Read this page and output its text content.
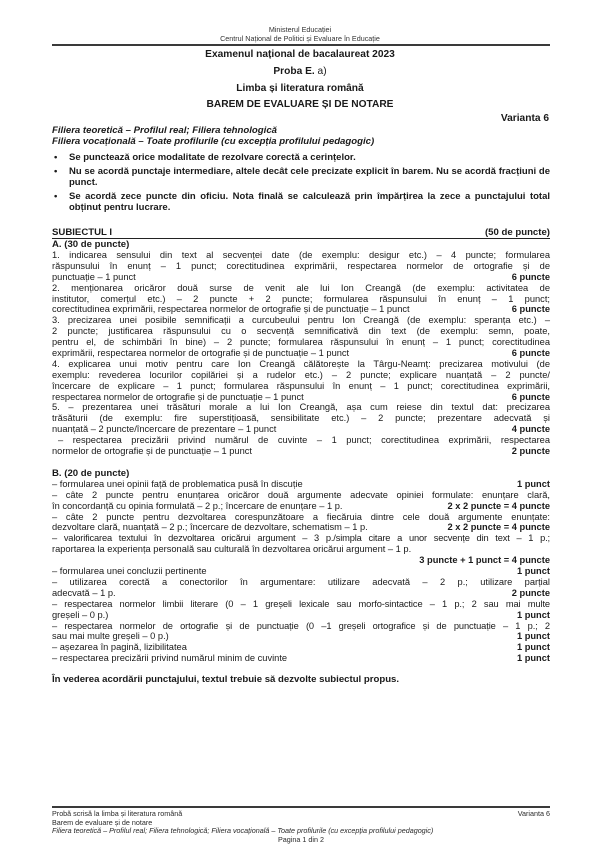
Ministerul Educației
Centrul Național de Politici și Evaluare în Educație
Examenul național de bacalaureat 2023
Proba E. a)
Limba și literatura română
BAREM DE EVALUARE ȘI DE NOTARE
Varianta 6
Filiera teoretică – Profilul real; Filiera tehnologică
Filiera vocațională – Toate profilurile (cu excepția profilului pedagogic)
• Se punctează orice modalitate de rezolvare corectă a cerințelor.
• Nu se acordă punctaje intermediare, altele decât cele precizate explicit în barem. Nu se acordă fracțiuni de punct.
• Se acordă zece puncte din oficiu. Nota finală se calculează prin împărțirea la zece a punctajului total obținut pentru lucrare.
SUBIECTUL I	(50 de puncte)
A. (30 de puncte)
1. indicarea sensului din text al secvenței date (de exemplu: desigur etc.) – 4 puncte; formularea
răspunsului în enunț – 1 punct; corectitudinea exprimării, respectarea normelor de ortografie și de
punctuație – 1 punct	6 puncte
2. menționarea oricăror două surse de venit ale lui Ion Creangă (de exemplu: activitatea de
institutor, comerțul etc.) – 2 puncte + 2 puncte; formularea răspunsului în enunț – 1 punct;
corectitudinea exprimării, respectarea normelor de ortografie și de punctuație – 1 punct	6 puncte
3. precizarea unei posibile semnificații a curcubeului pentru Ion Creangă (de exemplu: speranța etc.) –
2 puncte; justificarea răspunsului cu o secvență semnificativă din text (de exemplu: semn, poate,
pentru el, de schimbări în bine) – 2 puncte; formularea răspunsului în enunț – 1 punct; corectitudinea
exprimării, respectarea normelor de ortografie și de punctuație – 1 punct	6 puncte
4. explicarea unui motiv pentru care Ion Creangă călătorește la Târgu-Neamț: precizarea motivului (de
exemplu: revederea locurilor copilăriei și a rudelor etc.) – 2 puncte; explicare nuanțată – 2 puncte/
încercare de explicare – 1 punct; formularea răspunsului în enunț – 1 punct; corectitudinea exprimării,
respectarea normelor de ortografie și de punctuație – 1 punct	6 puncte
5. – prezentarea unei trăsături morale a lui Ion Creangă, așa cum reiese din textul dat: precizarea
trăsăturii (de exemplu: fire superstițioasă, sensibilitate etc.) – 2 puncte; prezentare adecvată și
nuanțată – 2 puncte/încercare de prezentare – 1 punct	4 puncte
– respectarea precizării privind numărul de cuvinte – 1 punct; corectitudinea exprimării, respectarea
normelor de ortografie și de punctuație – 1 punct	2 puncte
B. (20 de puncte)
– formularea unei opinii față de problematica pusă în discuție	1 punct
– câte 2 puncte pentru enunțarea oricăror două argumente adecvate opiniei formulate: enunțare clară,
în concordanță cu opinia formulată – 2 p.; încercare de enunțare – 1 p.	2 x 2 puncte = 4 puncte
– câte 2 puncte pentru dezvoltarea corespunzătoare a fiecăruia dintre cele două argumente enunțate:
dezvoltare clară, nuanțată – 2 p.; încercare de dezvoltare, schematism – 1 p.	2 x 2 puncte = 4 puncte
– valorificarea textului în dezvoltarea oricărui argument – 3 p./simpla citare a unor secvențe din text – 1 p.;
raportarea la experiența personală sau culturală în dezvoltarea oricărui argument – 1 p.
3 puncte + 1 punct = 4 puncte
– formularea unei concluzii pertinente	1 punct
– utilizarea corectă a conectorilor în argumentare: utilizare adecvată – 2 p.; utilizare parțial
adecvată – 1 p.	2 puncte
– respectarea normelor limbii literare (0 – 1 greșeli lexicale sau morfo-sintactice – 1 p.; 2 sau mai multe
greșeli – 0 p.)	1 punct
– respectarea normelor de ortografie și de punctuație (0 –1 greșeli ortografice și de punctuație – 1 p.; 2
sau mai multe greșeli – 0 p.)	1 punct
– așezarea în pagină, lizibilitatea	1 punct
– respectarea precizării privind numărul minim de cuvinte	1 punct
În vederea acordării punctajului, textul trebuie să dezvolte subiectul propus.
Probă scrisă la limba și literatura română	Varianta 6
Barem de evaluare și de notare
Filiera teoretică – Profilul real; Filiera tehnologică; Filiera vocațională – Toate profilurile (cu excepția profilului pedagogic)
Pagina 1 din 2
